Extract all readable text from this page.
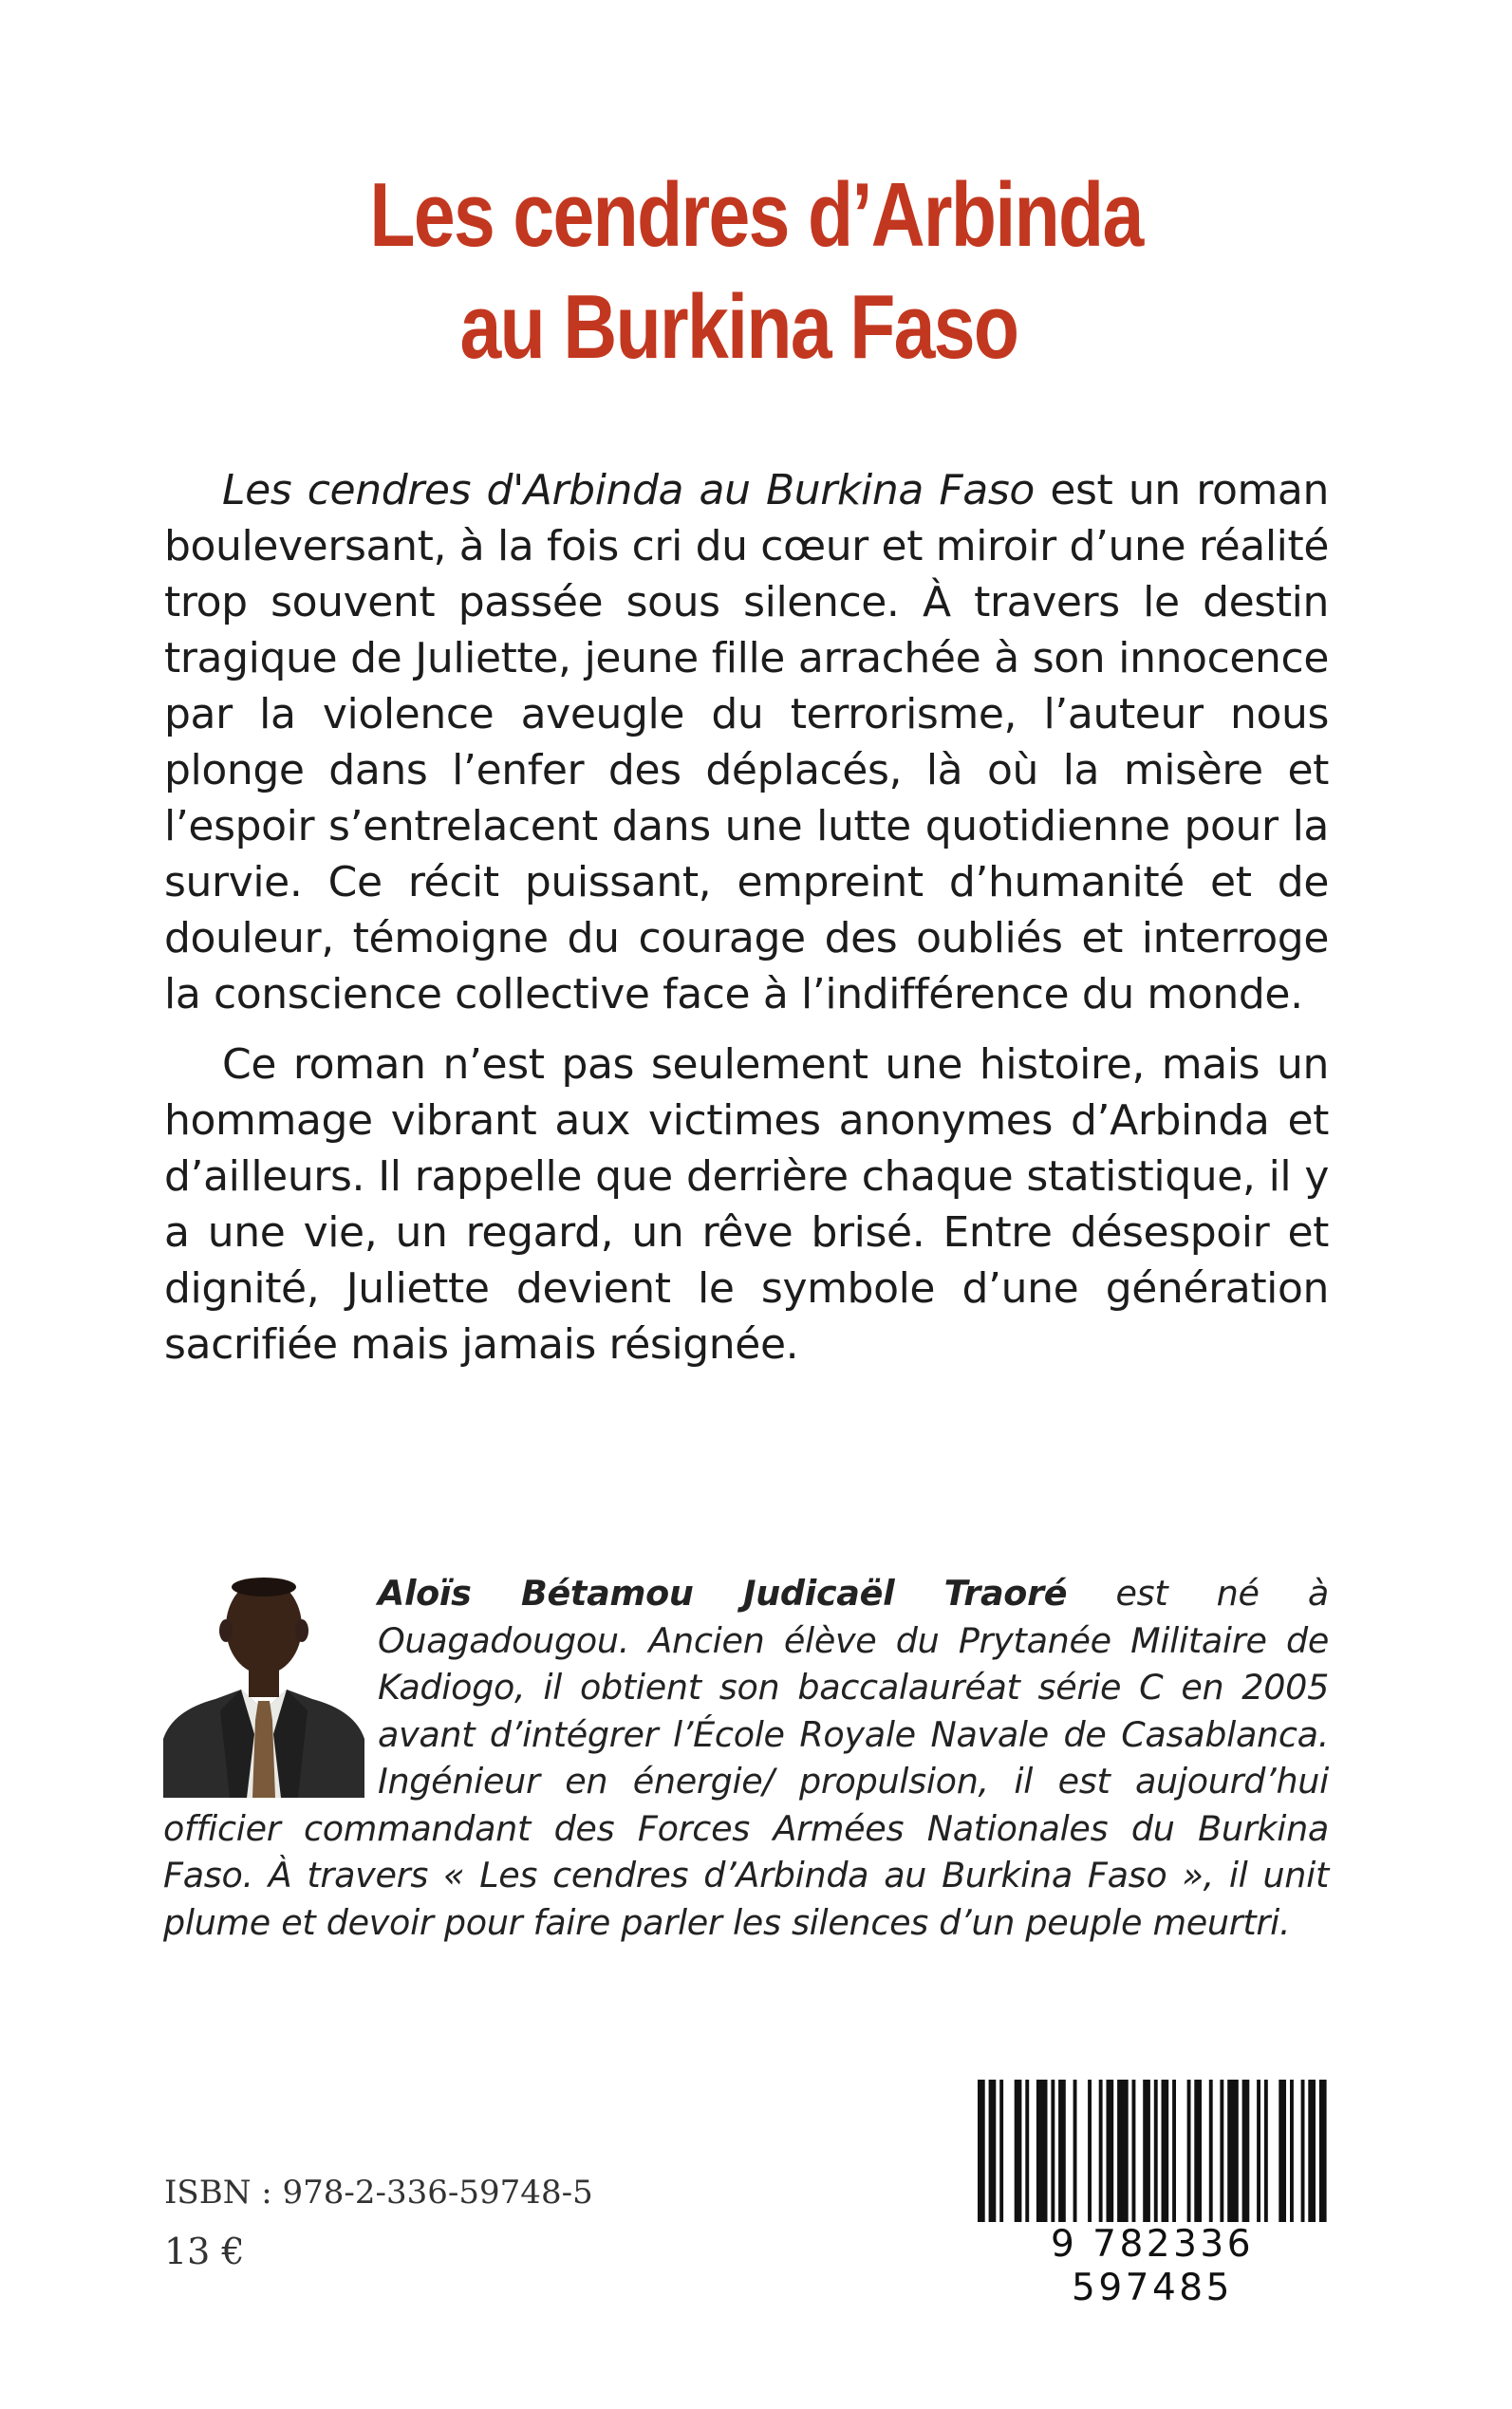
Les cendres d’Arbinda
au Burkina Faso

Les cendres d'Arbinda au Burkina Faso est un roman bouleversant, à la fois cri du cœur et miroir d’une réalité trop souvent passée sous silence. À travers le destin tragique de Juliette, jeune fille arrachée à son innocence par la violence aveugle du terrorisme, l’auteur nous plonge dans l’enfer des déplacés, là où la misère et l’espoir s’entrelacent dans une lutte quotidienne pour la survie. Ce récit puissant, empreint d’humanité et de douleur, témoigne du courage des oubliés et interroge la conscience collective face à l’indifférence du monde.

Ce roman n’est pas seulement une histoire, mais un hommage vibrant aux victimes anonymes d’Arbinda et d’ailleurs. Il rappelle que derrière chaque statistique, il y a une vie, un regard, un rêve brisé. Entre désespoir et dignité, Juliette devient le symbole d’une génération sacrifiée mais jamais résignée.

Aloïs Bétamou Judicaël Traoré est né à Ouagadougou. Ancien élève du Prytanée Militaire de Kadiogo, il obtient son baccalauréat série C en 2005 avant d’intégrer l’École Royale Navale de Casablanca. Ingénieur en énergie/ propulsion, il est aujourd’hui officier commandant des Forces Armées Nationales du Burkina Faso. À travers « Les cendres d’Arbinda au Burkina Faso », il unit plume et devoir pour faire parler les silences d’un peuple meurtri.
ISBN : 978-2-336-59748-5
13 €	9 782336 597485
